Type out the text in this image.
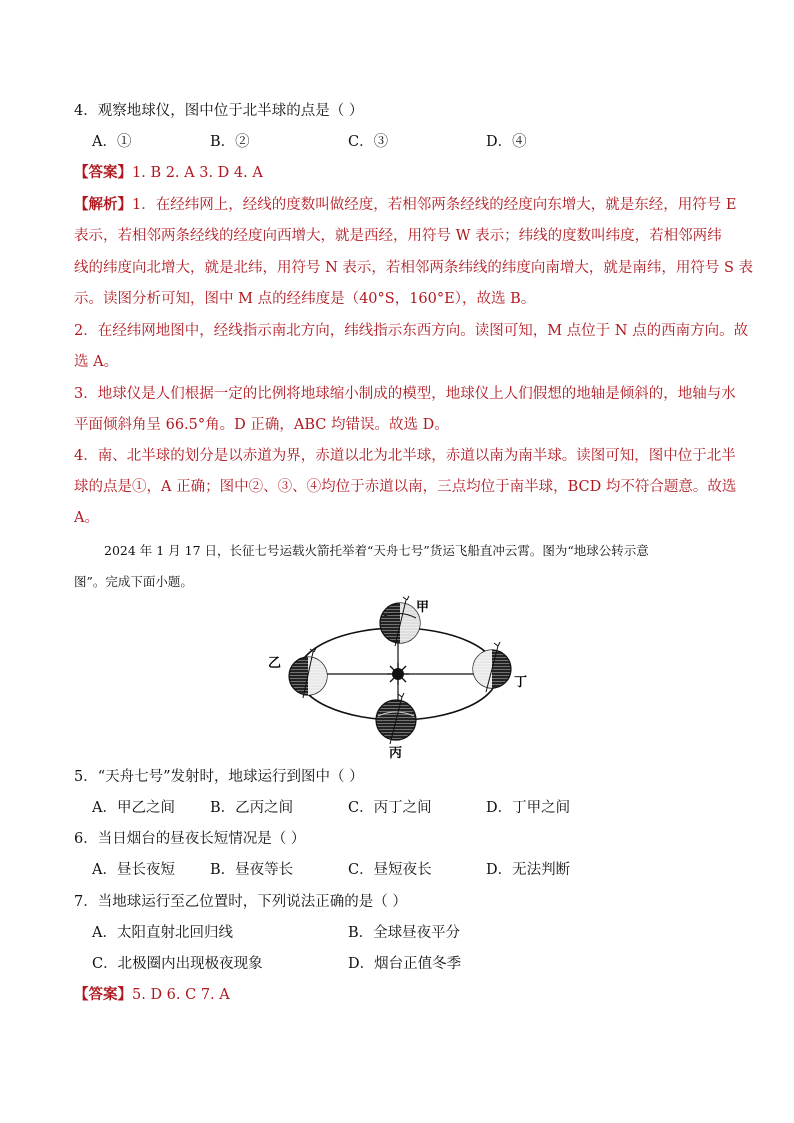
4．观察地球仪，图中位于北半球的点是（ ）
A．①	B．②	C．③	D．④
【答案】1. B 2. A 3. D 4. A
【解析】1．在经纬网上，经线的度数叫做经度，若相邻两条经线的经度向东增大，就是东经，用符号 E
表示，若相邻两条经线的经度向西增大，就是西经，用符号 W 表示；纬线的度数叫纬度，若相邻两纬
线的纬度向北增大，就是北纬，用符号 N 表示，若相邻两条纬线的纬度向南增大，就是南纬，用符号 S 表
示。读图分析可知，图中 M 点的经纬度是（40°S，160°E），故选 B。
2．在经纬网地图中，经线指示南北方向，纬线指示东西方向。读图可知，M 点位于 N 点的西南方向。故
选 A。
3．地球仪是人们根据一定的比例将地球缩小制成的模型，地球仪上人们假想的地轴是倾斜的，地轴与水
平面倾斜角呈 66.5°角。D 正确，ABC 均错误。故选 D。
4．南、北半球的划分是以赤道为界，赤道以北为北半球，赤道以南为南半球。读图可知，图中位于北半
球的点是①，A 正确；图中②、③、④均位于赤道以南，三点均位于南半球，BCD 均不符合题意。故选
A。
2024 年 1 月 17 日，长征七号运载火箭托举着“天舟七号”货运飞船直冲云霄。图为“地球公转示意
图”。完成下面小题。
甲
乙
丁
丙
5．“天舟七号”发射时，地球运行到图中（ ）
A．甲乙之间 B．乙丙之间	C．丙丁之间	D．丁甲之间
6．当日烟台的昼夜长短情况是（ ）
A．昼长夜短 B．昼夜等长	C．昼短夜长	D．无法判断
7．当地球运行至乙位置时，下列说法正确的是（ ）
A．太阳直射北回归线	B．全球昼夜平分
C．北极圈内出现极夜现象	D．烟台正值冬季
【答案】5. D 6. C 7. A
